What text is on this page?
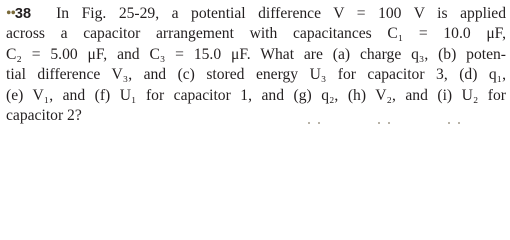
••38 In Fig. 25-29, a potential difference V = 100 V is applied
across a capacitor arrangement with capacitances C₁ = 10.0 μF,
C₂ = 5.00 μF, and C₃ = 15.0 μF. What are (a) charge q₃, (b) poten-
tial difference V₃, and (c) stored energy U₃ for capacitor 3, (d) q₁,
(e) V₁, and (f) U₁ for capacitor 1, and (g) q₂, (h) V₂, and (i) U₂ for
capacitor 2?
